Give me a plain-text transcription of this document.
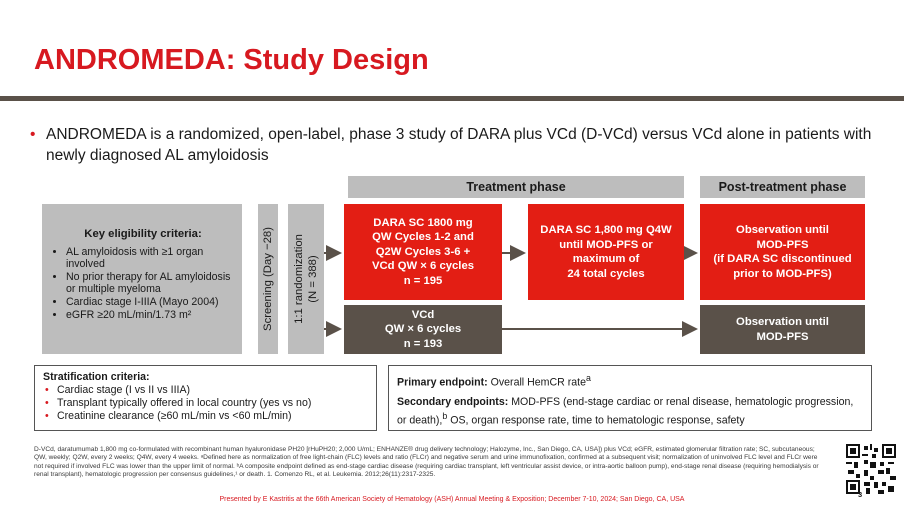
ANDROMEDA: Study Design
• ANDROMEDA is a randomized, open-label, phase 3 study of DARA plus VCd (D-VCd) versus VCd alone in patients with newly diagnosed AL amyloidosis
Treatment phase	Post-treatment phase
Key eligibility criteria:
• AL amyloidosis with ≥1 organ involved
• No prior therapy for AL amyloidosis or multiple myeloma
• Cardiac stage I-IIIA (Mayo 2004)
• eGFR ≥20 mL/min/1.73 m²	Screening (Day −28) 1:1 randomization (N = 388)
DARA SC 1800 mg
QW Cycles 1-2 and
Q2W Cycles 3-6 +
VCd QW × 6 cycles
n = 195
DARA SC 1,800 mg Q4W
until MOD-PFS or
maximum of
24 total cycles
Observation until
MOD-PFS
(if DARA SC discontinued
prior to MOD-PFS)
VCd
QW × 6 cycles
n = 193
Observation until
MOD-PFS
Stratification criteria:
• Cardiac stage (I vs II vs IIIA)
• Transplant typically offered in local country (yes vs no)
• Creatinine clearance (≥60 mL/min vs <60 mL/min)

Primary endpoint: Overall HemCR rate$^a$

Secondary endpoints: MOD-PFS (end-stage cardiac or renal disease, hematologic progression, or death),$^b$ OS, organ response rate, time to hematologic response, safety

D-VCd, daratumumab 1,800 mg co-formulated with recombinant human hyaluronidase PH20 [rHuPH20; 2,000 U/mL; ENHANZE® drug delivery technology; Halozyme, Inc., San Diego, CA, USA]) plus VCd; eGFR, estimated glomerular filtration rate; SC, subcutaneous; QW, weekly; Q2W, every 2 weeks; Q4W, every 4 weeks. ᵃDefined here as normalization of free light-chain (FLC) levels and ratio (FLCr) and negative serum and urine immunofixation, confirmed at a subsequent visit; normalization of uninvolved FLC level and FLCr were not required if involved FLC was lower than the upper limit of normal. ᵇA composite endpoint defined as end-stage cardiac disease (requiring cardiac transplant, left ventricular assist device, or intra-aortic balloon pump), end-stage renal disease (requiring hemodialysis or renal transplant), hematologic progression per consensus guidelines,¹ or death. 1. Comenzo RL, et al. Leukemia. 2012;26(11):2317-2325.
3
Presented by E Kastritis at the 66th American Society of Hematology (ASH) Annual Meeting & Exposition; December 7-10, 2024; San Diego, CA, USA
